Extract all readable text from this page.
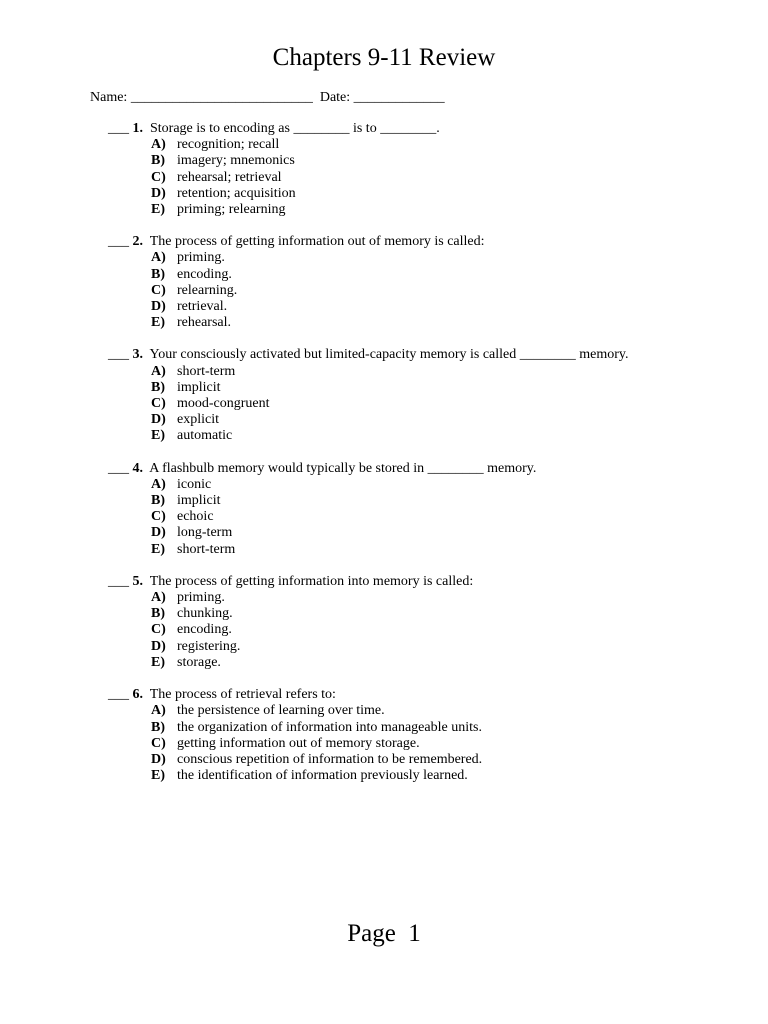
Chapters 9-11 Review
Name: __________________________ Date: _____________
___ 1. Storage is to encoding as ________ is to ________.
A) recognition; recall
B) imagery; mnemonics
C) rehearsal; retrieval
D) retention; acquisition
E) priming; relearning
___ 2. The process of getting information out of memory is called:
A) priming.
B) encoding.
C) relearning.
D) retrieval.
E) rehearsal.
___ 3. Your consciously activated but limited-capacity memory is called ________ memory.
A) short-term
B) implicit
C) mood-congruent
D) explicit
E) automatic
___ 4. A flashbulb memory would typically be stored in ________ memory.
A) iconic
B) implicit
C) echoic
D) long-term
E) short-term
___ 5. The process of getting information into memory is called:
A) priming.
B) chunking.
C) encoding.
D) registering.
E) storage.
___ 6. The process of retrieval refers to:
A) the persistence of learning over time.
B) the organization of information into manageable units.
C) getting information out of memory storage.
D) conscious repetition of information to be remembered.
E) the identification of information previously learned.
Page 1
